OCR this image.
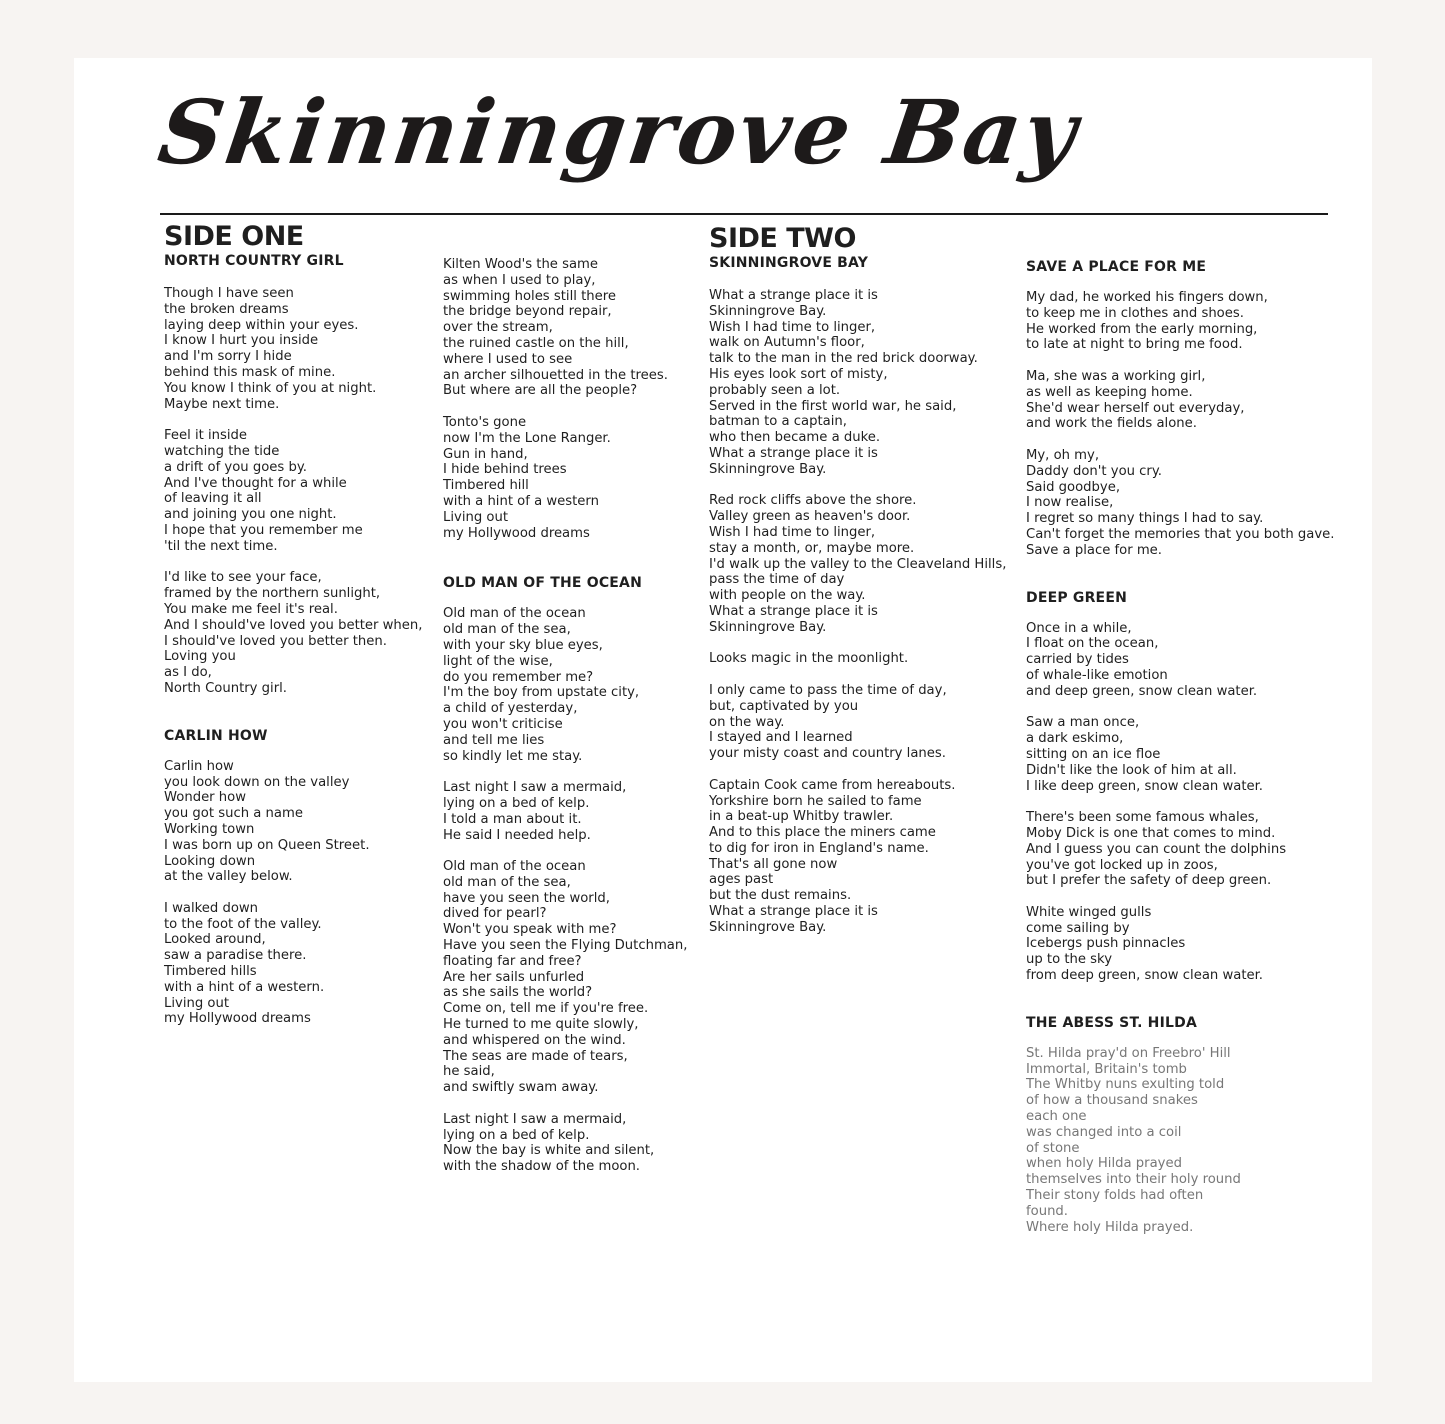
Skinningrove Bay
SIDE ONE
NORTH COUNTRY GIRL

Though I have seen
the broken dreams
laying deep within your eyes.
I know I hurt you inside
and I'm sorry I hide
behind this mask of mine.
You know I think of you at night.
Maybe next time.

Feel it inside
watching the tide
a drift of you goes by.
And I've thought for a while
of leaving it all
and joining you one night.
I hope that you remember me
'til the next time.

I'd like to see your face,
framed by the northern sunlight,
You make me feel it's real.
And I should've loved you better when,
I should've loved you better then.
Loving you
as I do,
North Country girl.

CARLIN HOW

Carlin how
you look down on the valley
Wonder how
you got such a name
Working town
I was born up on Queen Street.
Looking down
at the valley below.

I walked down
to the foot of the valley.
Looked around,
saw a paradise there.
Timbered hills
with a hint of a western.
Living out
my Hollywood dreams

Kilten Wood's the same
as when I used to play,
swimming holes still there
the bridge beyond repair,
over the stream,
the ruined castle on the hill,
where I used to see
an archer silhouetted in the trees.
But where are all the people?

Tonto's gone
now I'm the Lone Ranger.
Gun in hand,
I hide behind trees
Timbered hill
with a hint of a western
Living out
my Hollywood dreams

OLD MAN OF THE OCEAN

Old man of the ocean
old man of the sea,
with your sky blue eyes,
light of the wise,
do you remember me?
I'm the boy from upstate city,
a child of yesterday,
you won't criticise
and tell me lies
so kindly let me stay.

Last night I saw a mermaid,
lying on a bed of kelp.
I told a man about it.
He said I needed help.

Old man of the ocean
old man of the sea,
have you seen the world,
dived for pearl?
Won't you speak with me?
Have you seen the Flying Dutchman,
floating far and free?
Are her sails unfurled
as she sails the world?
Come on, tell me if you're free.
He turned to me quite slowly,
and whispered on the wind.
The seas are made of tears,
he said,
and swiftly swam away.

Last night I saw a mermaid,
lying on a bed of kelp.
Now the bay is white and silent,
with the shadow of the moon.

SIDE TWO
SKINNINGROVE BAY

What a strange place it is
Skinningrove Bay.
Wish I had time to linger,
walk on Autumn's floor,
talk to the man in the red brick doorway.
His eyes look sort of misty,
probably seen a lot.
Served in the first world war, he said,
batman to a captain,
who then became a duke.
What a strange place it is
Skinningrove Bay.

Red rock cliffs above the shore.
Valley green as heaven's door.
Wish I had time to linger,
stay a month, or, maybe more.
I'd walk up the valley to the Cleaveland Hills,
pass the time of day
with people on the way.
What a strange place it is
Skinningrove Bay.

Looks magic in the moonlight.

I only came to pass the time of day,
but, captivated by you
on the way.
I stayed and I learned
your misty coast and country lanes.

Captain Cook came from hereabouts.
Yorkshire born he sailed to fame
in a beat-up Whitby trawler.
And to this place the miners came
to dig for iron in England's name.
That's all gone now
ages past
but the dust remains.
What a strange place it is
Skinningrove Bay.

SAVE A PLACE FOR ME

My dad, he worked his fingers down,
to keep me in clothes and shoes.
He worked from the early morning,
to late at night to bring me food.

Ma, she was a working girl,
as well as keeping home.
She'd wear herself out everyday,
and work the fields alone.

My, oh my,
Daddy don't you cry.
Said goodbye,
I now realise,
I regret so many things I had to say.
Can't forget the memories that you both gave.
Save a place for me.

DEEP GREEN

Once in a while,
I float on the ocean,
carried by tides
of whale-like emotion
and deep green, snow clean water.

Saw a man once,
a dark eskimo,
sitting on an ice floe
Didn't like the look of him at all.
I like deep green, snow clean water.

There's been some famous whales,
Moby Dick is one that comes to mind.
And I guess you can count the dolphins
you've got locked up in zoos,
but I prefer the safety of deep green.

White winged gulls
come sailing by
Icebergs push pinnacles
up to the sky
from deep green, snow clean water.

THE ABESS ST. HILDA

St. Hilda pray'd on Freebro' Hill
Immortal, Britain's tomb
The Whitby nuns exulting told
of how a thousand snakes
each one
was changed into a coil
of stone
when holy Hilda prayed
themselves into their holy round
Their stony folds had often
found.
Where holy Hilda prayed.
